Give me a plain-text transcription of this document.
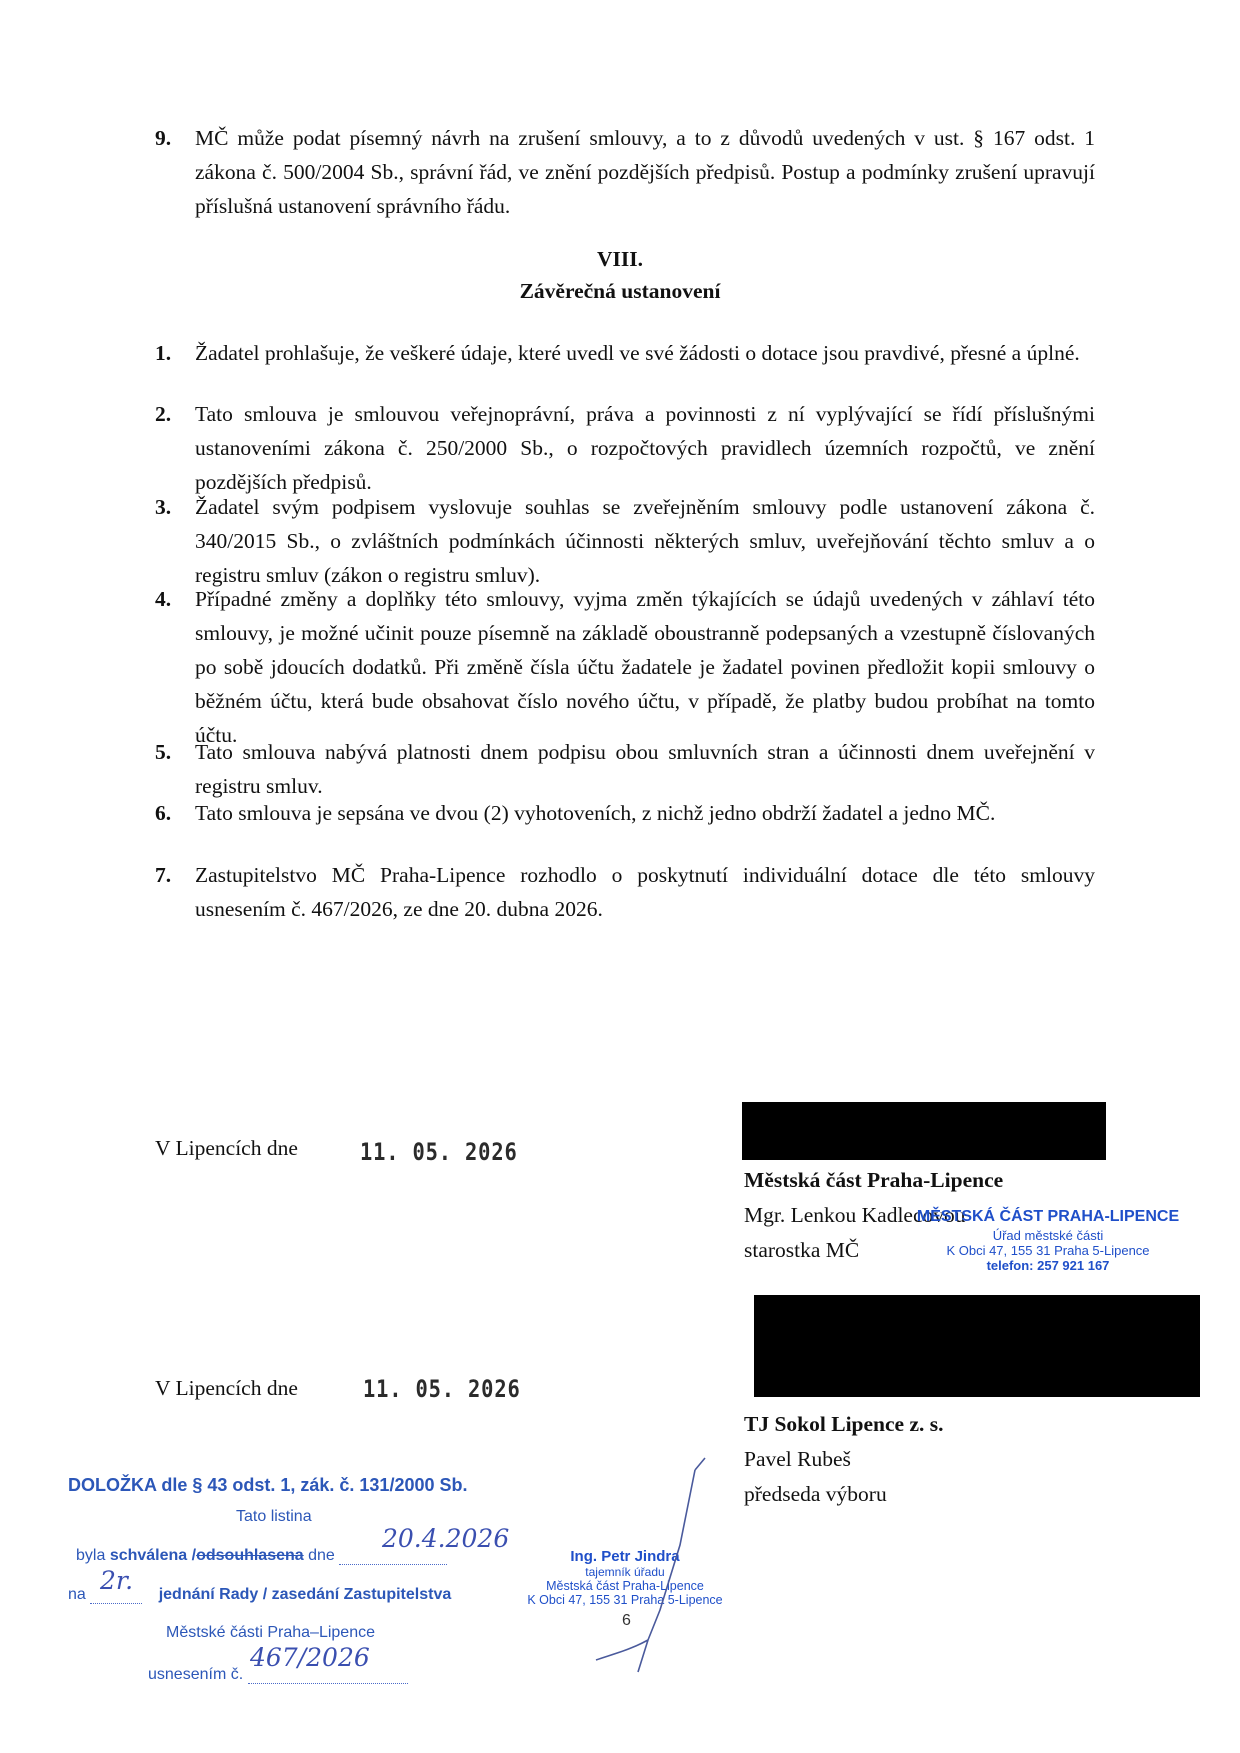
9. MČ může podat písemný návrh na zrušení smlouvy, a to z důvodů uvedených v ust. § 167 odst. 1 zákona č. 500/2004 Sb., správní řád, ve znění pozdějších předpisů. Postup a podmínky zrušení upravují příslušná ustanovení správního řádu.
VIII.
Závěrečná ustanovení
1. Žadatel prohlašuje, že veškeré údaje, které uvedl ve své žádosti o dotace jsou pravdivé, přesné a úplné.
2. Tato smlouva je smlouvou veřejnoprávní, práva a povinnosti z ní vyplývající se řídí příslušnými ustanoveními zákona č. 250/2000 Sb., o rozpočtových pravidlech územních rozpočtů, ve znění pozdějších předpisů.
3. Žadatel svým podpisem vyslovuje souhlas se zveřejněním smlouvy podle ustanovení zákona č. 340/2015 Sb., o zvláštních podmínkách účinnosti některých smluv, uveřejňování těchto smluv a o registru smluv (zákon o registru smluv).
4. Případné změny a doplňky této smlouvy, vyjma změn týkajících se údajů uvedených v záhlaví této smlouvy, je možné učinit pouze písemně na základě oboustranně podepsaných a vzestupně číslovaných po sobě jdoucích dodatků. Při změně čísla účtu žadatele je žadatel povinen předložit kopii smlouvy o běžném účtu, která bude obsahovat číslo nového účtu, v případě, že platby budou probíhat na tomto účtu.
5. Tato smlouva nabývá platnosti dnem podpisu obou smluvních stran a účinnosti dnem uveřejnění v registru smluv.
6. Tato smlouva je sepsána ve dvou (2) vyhotoveních, z nichž jedno obdrží žadatel a jedno MČ.
7. Zastupitelstvo MČ Praha-Lipence rozhodlo o poskytnutí individuální dotace dle této smlouvy usnesením č. 467/2026, ze dne 20. dubna 2026.
V Lipencích dne	11. 05. 2026
Městská část Praha-Lipence
Mgr. Lenkou Kadlecovou
starostka MČ
MĚSTSKÁ ČÁST PRAHA-LIPENCE
Úřad městské části
K Obci 47, 155 31 Praha 5-Lipence
telefon: 257 921 167
V Lipencích dne	11. 05. 2026
TJ Sokol Lipence z. s.
Pavel Rubeš
předseda výboru
DOLOŽKA dle § 43 odst. 1, zák. č. 131/2000 Sb.
Tato listina
byla schválena /odsouhlasena dne
20.4.2026
na	jednání Rady / zasedání Zastupitelstva
2r.
Městské části Praha–Lipence
usnesením č.
467/2026
Ing. Petr Jindra
tajemník úřadu
Městská část Praha-Lipence
K Obci 47, 155 31 Praha 5-Lipence
6
